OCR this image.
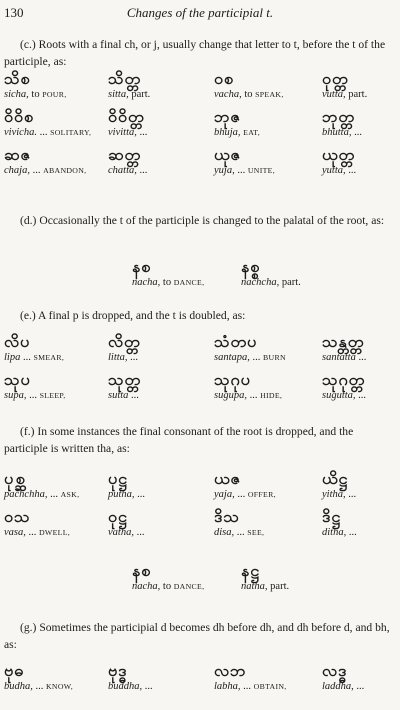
130	Changes of the participial t.
(c.) Roots with a final ch, or j, usually change that letter to t, before the t of the participle, as:
သိစ
sicha, to POUR,
သိတ္တ
sitta, part.
ဝစ
vacha, to SPEAK,
ဝုတ္တ
vutta, part.
ဝိဝိစ
vivicha. ... SOLITARY,
ဝိဝိတ္တ
vivitta, ...
ဘုဇ
bhuja, EAT,
ဘုတ္တ
bhutta, ...
ဆဇ
chaja, ... ABANDON,
ဆတ္တ
chatta, ...
ယုဇ
yuja, ... UNITE,
ယုတ္တ
yutta, ...
(d.) Occasionally the t of the participle is changed to the palatal of the root, as:
နစ
nacha, to DANCE,
နစ္စ
nachcha, part.
(e.) A final p is dropped, and the t is doubled, as:
လိပ
lipa ... SMEAR,
လိတ္တ
litta, ...
သံတပ
santapa, ... BURN
သန္တတ္တ
santatta ...
သုပ
supa, ... SLEEP,
သုတ္တ
sutta ...
သုဂုပ
sugupa, ... HIDE,
သုဂုတ္တ
sugutta, ...
(f.) In some instances the final consonant of the root is dropped, and the participle is written tha, as:
ပုစ္ဆ
pachchha, ... ASK,
ပုဋ္ဌ
putha, ...
ယဇ
yaja, ... OFFER,
ယိဋ္ဌ
yitha, ...
ဝသ
vasa, ... DWELL,
ဝုဋ္ဌ
vatha, ...
ဒိသ
disa, ... SEE,
ဒိဋ္ဌ
ditha, ...
နစ
nacha, to DANCE,
နဋ္ဌ
natha, part.
(g.) Sometimes the participial d becomes dh before dh, and dh before d, and bh, as:
ဗုဓ
budha, ... KNOW,
ဗုဒ္ဓ
buddha, ...
လဘ
labha, ... OBTAIN,
လဒ္ဓ
laddha, ...
